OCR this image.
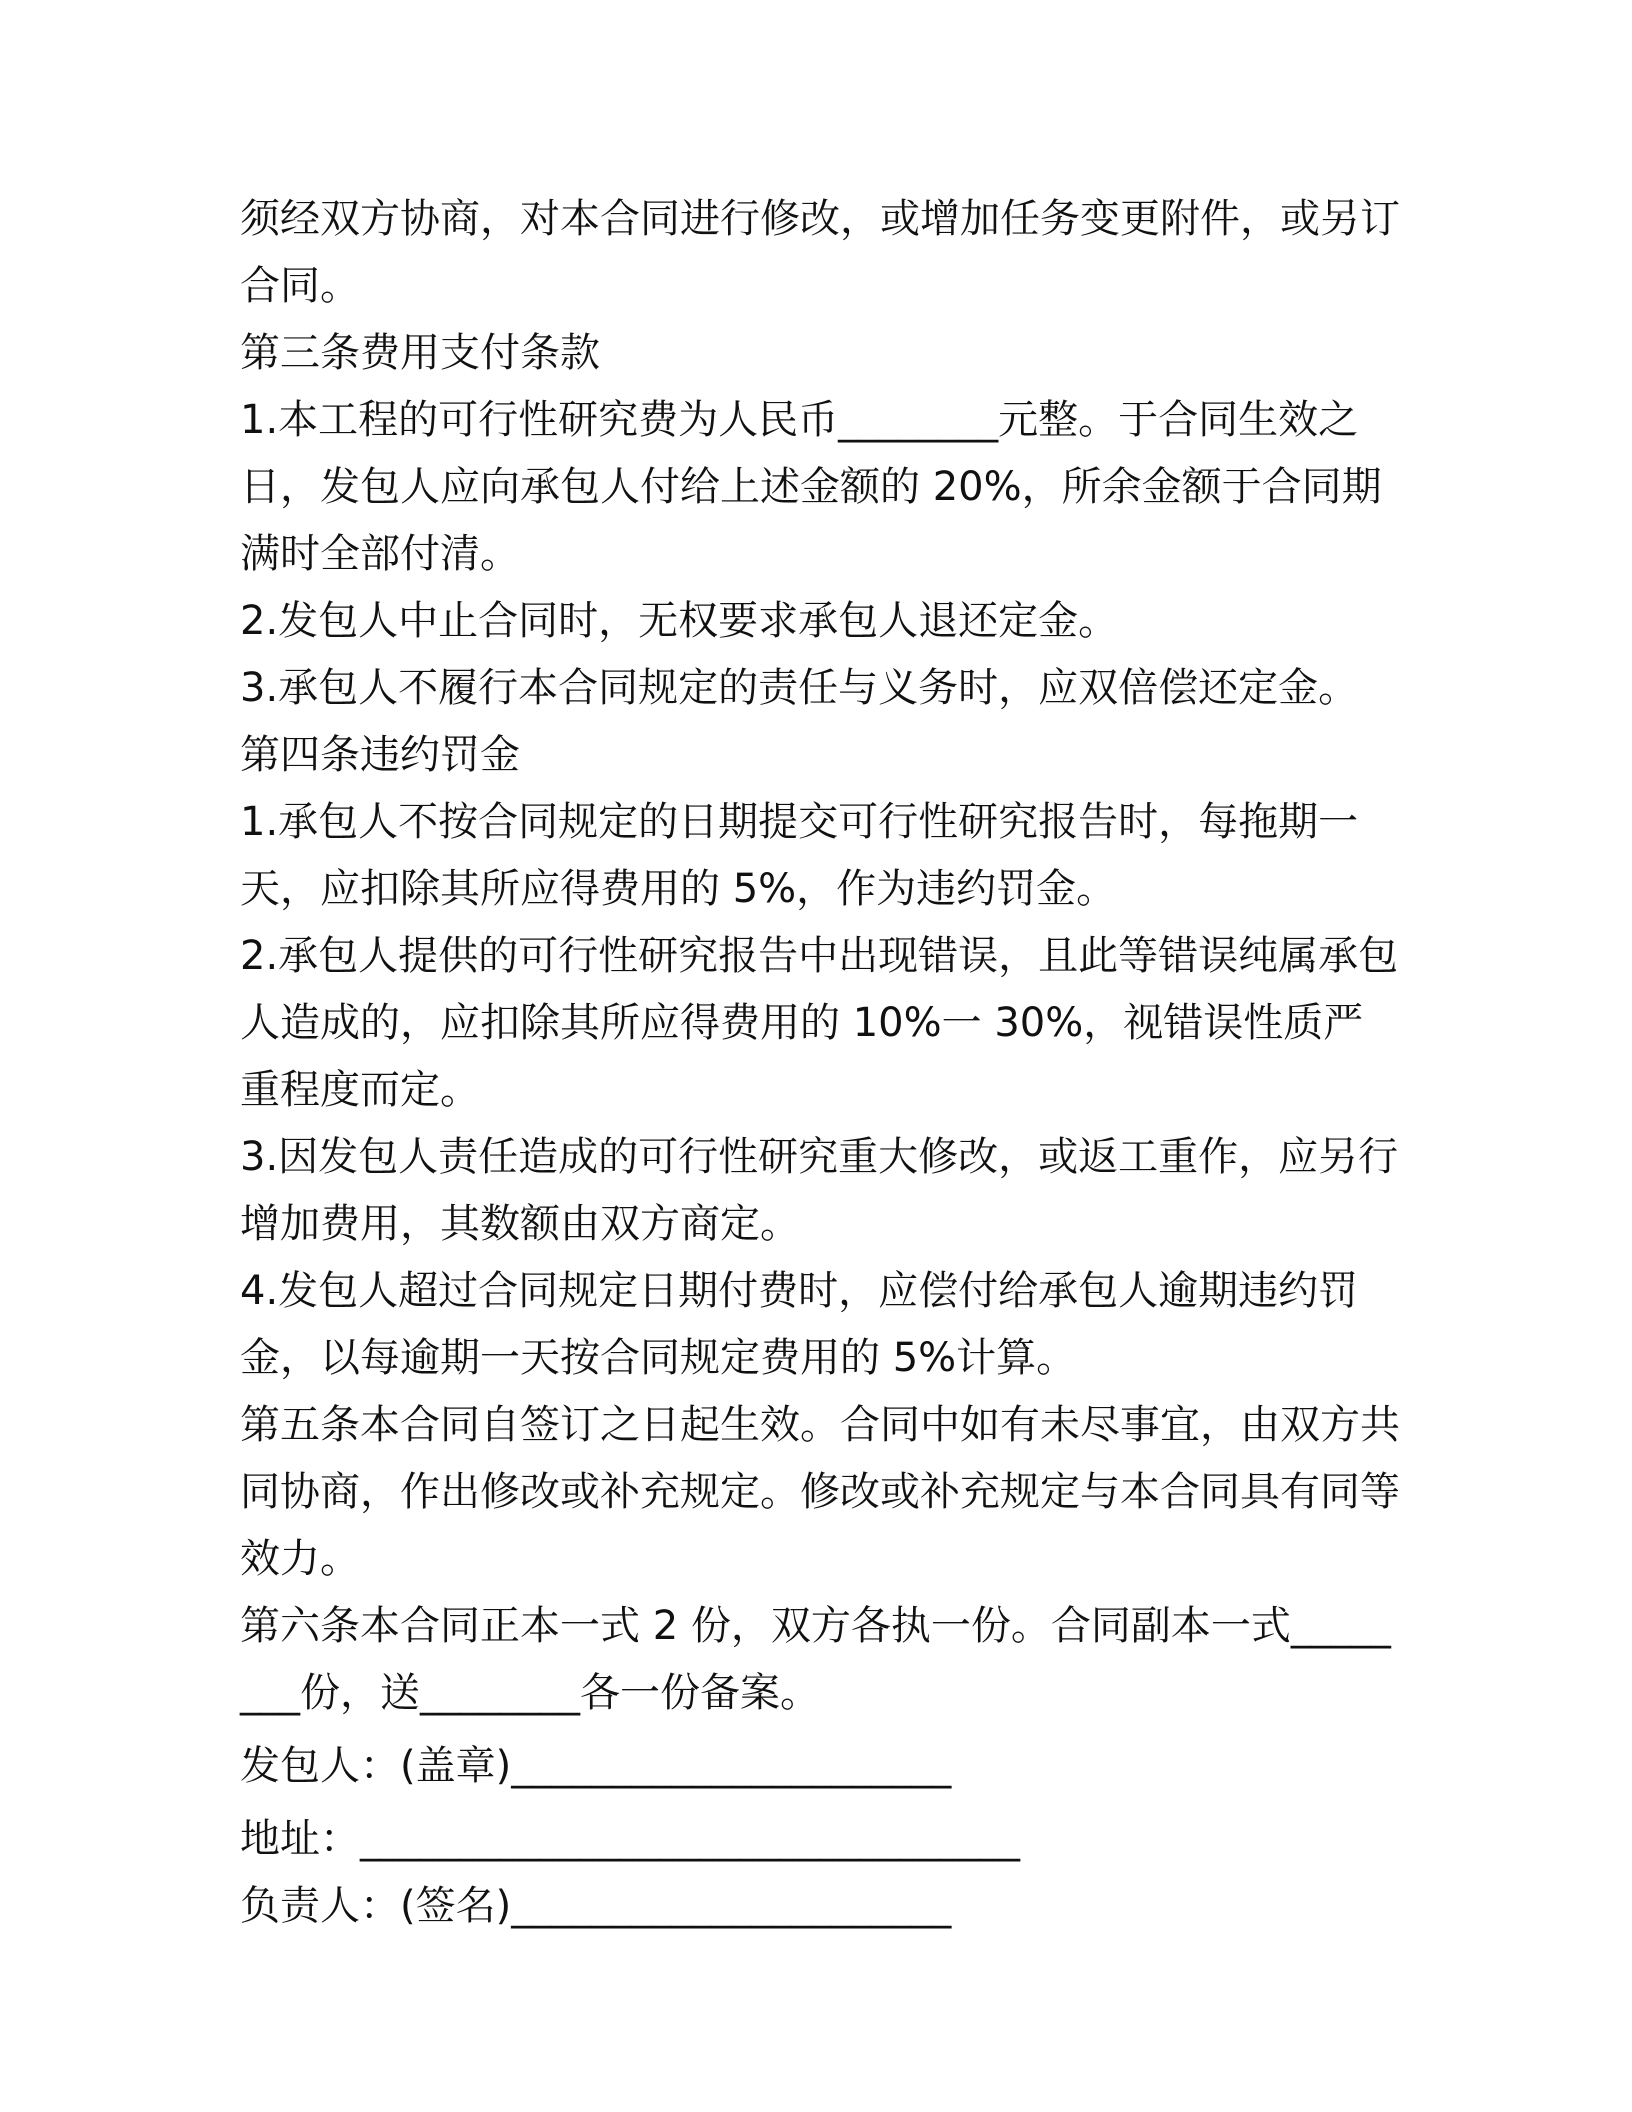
须经双方协商，对本合同进行修改，或增加任务变更附件，或另订合同。

第三条费用支付条款

1.本工程的可行性研究费为人民币________元整。于合同生效之日，发包人应向承包人付给上述金额的 20%，所余金额于合同期满时全部付清。

2.发包人中止合同时，无权要求承包人退还定金。

3.承包人不履行本合同规定的责任与义务时，应双倍偿还定金。

第四条违约罚金

1.承包人不按合同规定的日期提交可行性研究报告时，每拖期一天，应扣除其所应得费用的 5%，作为违约罚金。

2.承包人提供的可行性研究报告中出现错误，且此等错误纯属承包人造成的，应扣除其所应得费用的 10%一 30%，视错误性质严重程度而定。

3.因发包人责任造成的可行性研究重大修改，或返工重作，应另行增加费用，其数额由双方商定。

4.发包人超过合同规定日期付费时，应偿付给承包人逾期违约罚金，以每逾期一天按合同规定费用的 5%计算。

第五条本合同自签订之日起生效。合同中如有未尽事宜，由双方共同协商，作出修改或补充规定。修改或补充规定与本合同具有同等效力。

第六条本合同正本一式 2 份，双方各执一份。合同副本一式________份，送________各一份备案。

发包人：(盖章)______________________

地址：_________________________________

负责人：(签名)______________________
